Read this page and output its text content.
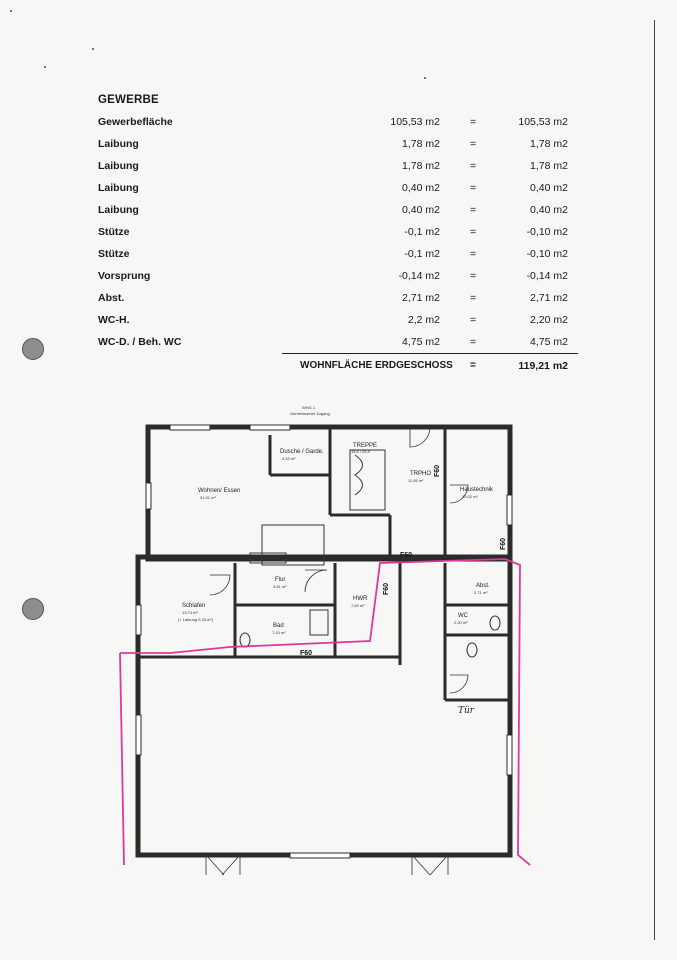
GEWERBE
Gewerbefläche	105,53 m2	=	105,53 m2
Laibung	1,78 m2	=	1,78 m2
Laibung	1,78 m2	=	1,78 m2
Laibung	0,40 m2	=	0,40 m2
Laibung	0,40 m2	=	0,40 m2
Stütze	-0,1 m2	=	-0,10 m2
Stütze	-0,1 m2	=	-0,10 m2
Vorsprung	-0,14 m2	=	-0,14 m2
Abst.	2,71 m2	=	2,71 m2
WC-H.	2,2 m2	=	2,20 m2
WC-D. / Beh. WC	4,75 m2	=	4,75 m2
WOHNFLÄCHE ERDGESCHOSS =	119,21 m2
WHG 1
Gemeinsamer Zugang
Dusche / Garde.
3,43 m²
TREPPE
15,6 / 26,9
Wohnen/ Essen
31,91 m²
TRPHO
11,95 m²
Haustechnik
10,02 m²
Schlafen
13,74 m²
(+ Laibung 0,33 m²)
Flur
3,61 m²
Bad
7,43 m²
HWR
7,60 m²
Abst.
2,71 m²
WC
2,20 m²
F60
F60
F60
F60
F60
Tür
